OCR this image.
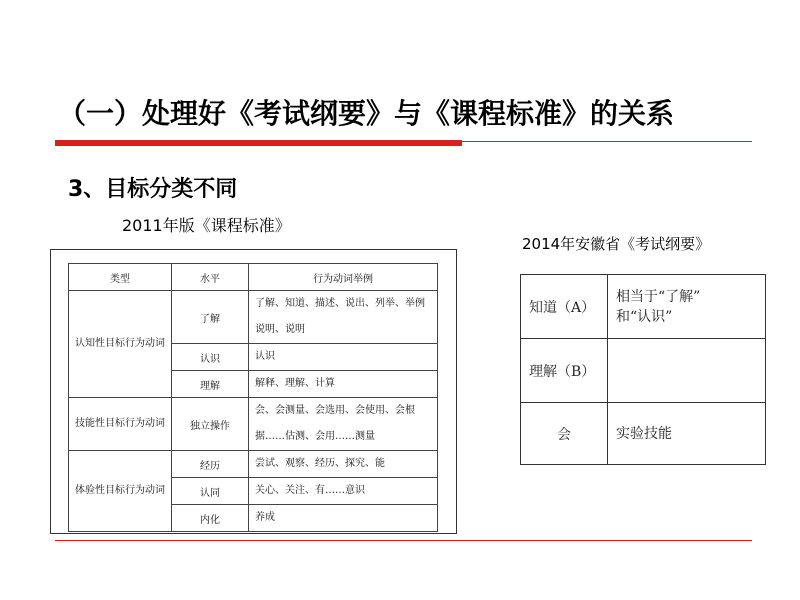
（一）处理好《考试纲要》与《课程标准》的关系
3、目标分类不同
2011年版《课程标准》
2014年安徽省《考试纲要》
类型	水平	行为动词举例
认知性目标行为动词	了解	了解、知道、描述、说出、列举、举例说明、说明
	认识	认识
	理解	解释、理解、计算
技能性目标行为动词	独立操作	会、会测量、会选用、会使用、会根据……估测、会用……测量
体验性目标行为动词	经历	尝试、观察、经历、探究、能
	认同	关心、关注、有……意识
	内化	养成
知道（A）	相当于“了解”
和“认识”

理解（B）	
会	实验技能
